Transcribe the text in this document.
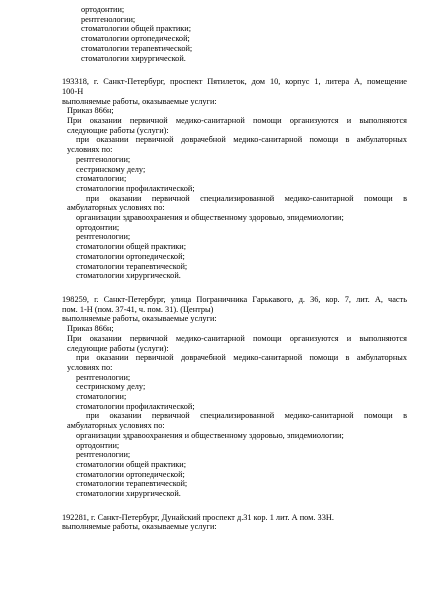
ортодонтии;
рентгенологии;
стоматологии общей практики;
стоматологии ортопедической;
стоматологии терапевтической;
стоматологии хирургической.
193318, г. Санкт-Петербург, проспект Пятилеток, дом 10, корпус 1, литера А, помещение
100-Н
выполняемые работы, оказываемые услуги:
Приказ 866н;
При оказании первичной медико-санитарной помощи организуются и выполняются
следующие работы (услуги):
при оказании первичной доврачебной медико-санитарной помощи в амбулаторных
условиях по:
рентгенологии;
сестринскому делу;
стоматологии;
стоматологии профилактической;
при оказании первичной специализированной медико-санитарной помощи в
амбулаторных условиях по:
организации здравоохранения и общественному здоровью, эпидемиологии;
ортодонтии;
рентгенологии;
стоматологии общей практики;
стоматологии ортопедической;
стоматологии терапевтической;
стоматологии хирургической.
198259, г. Санкт-Петербург, улица Пограничника Гарькавого, д. 36, кор. 7, лит. А, часть
пом. 1-Н (пом. 37-41, ч. пом. 31). (Центры)
выполняемые работы, оказываемые услуги:
Приказ 866н;
При оказании первичной медико-санитарной помощи организуются и выполняются
следующие работы (услуги):
при оказании первичной доврачебной медико-санитарной помощи в амбулаторных
условиях по:
рентгенологии;
сестринскому делу;
стоматологии;
стоматологии профилактической;
при оказании первичной специализированной медико-санитарной помощи в
амбулаторных условиях по:
организации здравоохранения и общественному здоровью, эпидемиологии;
ортодонтии;
рентгенологии;
стоматологии общей практики;
стоматологии ортопедической;
стоматологии терапевтической;
стоматологии хирургической.
192281, г. Санкт-Петербург, Дунайский проспект д.31 кор. 1 лит. А пом. 33Н.
выполняемые работы, оказываемые услуги:
